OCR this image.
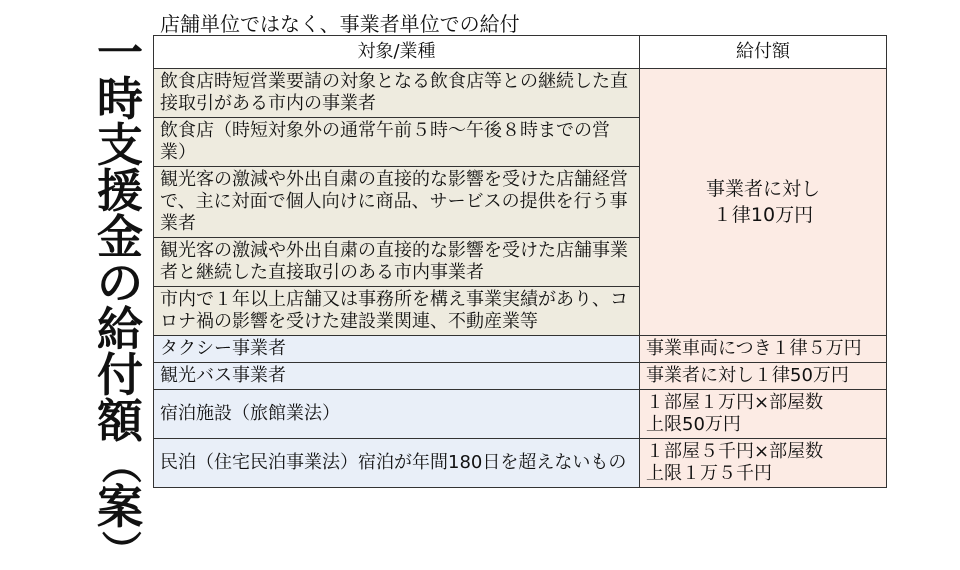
一
時
支
援
金
の
給
付
額
（
案
）
店舗単位ではなく、事業者単位での給付
対象/業種	給付額
飲食店時短営業要請の対象となる飲食店等との継続した直接取引がある市内の事業者	事業者に対し
１律10万円

飲食店（時短対象外の通常午前５時～午後８時までの営業）	
観光客の激減や外出自粛の直接的な影響を受けた店舗経営で、主に対面で個人向けに商品、サービスの提供を行う事業者	
観光客の激減や外出自粛の直接的な影響を受けた店舗事業者と継続した直接取引のある市内事業者	
市内で１年以上店舗又は事務所を構え事業実績があり、コロナ禍の影響を受けた建設業関連、不動産業等	
タクシー事業者	事業車両につき１律５万円
観光バス事業者	事業者に対し１律50万円
宿泊施設（旅館業法）	１部屋１万円×部屋数
上限50万円

民泊（住宅民泊事業法）宿泊が年間180日を超えないもの	１部屋５千円×部屋数
上限１万５千円
